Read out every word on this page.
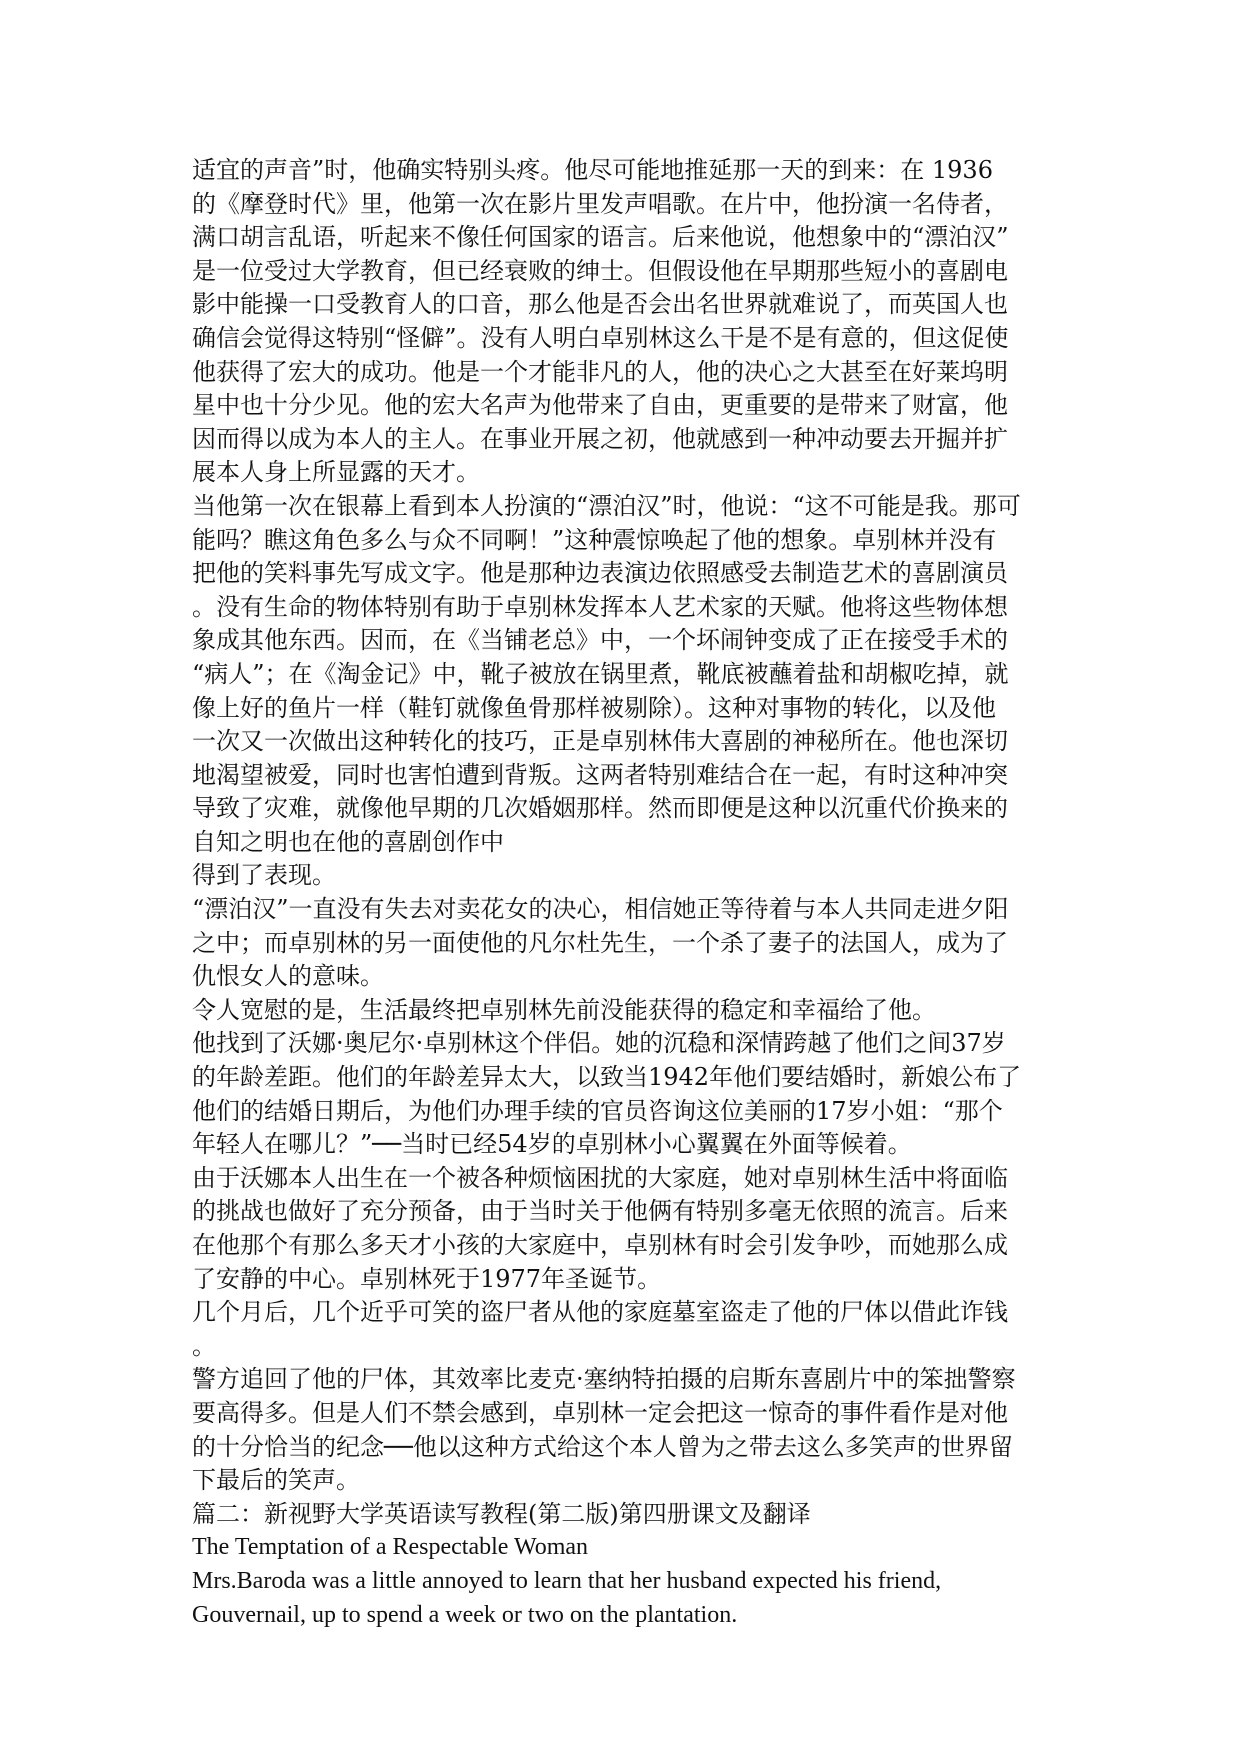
适宜的声音”时，他确实特别头疼。他尽可能地推延那一天的到来：在 1936
的《摩登时代》里，他第一次在影片里发声唱歌。在片中，他扮演一名侍者，
满口胡言乱语，听起来不像任何国家的语言。后来他说，他想象中的“漂泊汉”
是一位受过大学教育，但已经衰败的绅士。但假设他在早期那些短小的喜剧电
影中能操一口受教育人的口音，那么他是否会出名世界就难说了，而英国人也
确信会觉得这特别“怪僻”。没有人明白卓别林这么干是不是有意的，但这促使
他获得了宏大的成功。他是一个才能非凡的人，他的决心之大甚至在好莱坞明
星中也十分少见。他的宏大名声为他带来了自由，更重要的是带来了财富，他
因而得以成为本人的主人。在事业开展之初，他就感到一种冲动要去开掘并扩
展本人身上所显露的天才。
当他第一次在银幕上看到本人扮演的“漂泊汉”时，他说：“这不可能是我。那可
能吗？瞧这角色多么与众不同啊！”这种震惊唤起了他的想象。卓别林并没有
把他的笑料事先写成文字。他是那种边表演边依照感受去制造艺术的喜剧演员
。没有生命的物体特别有助于卓别林发挥本人艺术家的天赋。他将这些物体想
象成其他东西。因而，在《当铺老总》中，一个坏闹钟变成了正在接受手术的
“病人”；在《淘金记》中，靴子被放在锅里煮，靴底被蘸着盐和胡椒吃掉，就
像上好的鱼片一样（鞋钉就像鱼骨那样被剔除）。这种对事物的转化，以及他
一次又一次做出这种转化的技巧，正是卓别林伟大喜剧的神秘所在。他也深切
地渴望被爱，同时也害怕遭到背叛。这两者特别难结合在一起，有时这种冲突
导致了灾难，就像他早期的几次婚姻那样。然而即便是这种以沉重代价换来的
自知之明也在他的喜剧创作中
得到了表现。
“漂泊汉”一直没有失去对卖花女的决心，相信她正等待着与本人共同走进夕阳
之中；而卓别林的另一面使他的凡尔杜先生，一个杀了妻子的法国人，成为了
仇恨女人的意味。
令人宽慰的是，生活最终把卓别林先前没能获得的稳定和幸福给了他。
他找到了沃娜·奥尼尔·卓别林这个伴侣。她的沉稳和深情跨越了他们之间37岁
的年龄差距。他们的年龄差异太大，以致当1942年他们要结婚时，新娘公布了
他们的结婚日期后，为他们办理手续的官员咨询这位美丽的17岁小姐：“那个
年轻人在哪儿？”──当时已经54岁的卓别林小心翼翼在外面等候着。
由于沃娜本人出生在一个被各种烦恼困扰的大家庭，她对卓别林生活中将面临
的挑战也做好了充分预备，由于当时关于他俩有特别多毫无依照的流言。后来
在他那个有那么多天才小孩的大家庭中，卓别林有时会引发争吵，而她那么成
了安静的中心。卓别林死于1977年圣诞节。
几个月后，几个近乎可笑的盗尸者从他的家庭墓室盗走了他的尸体以借此诈钱
。
警方追回了他的尸体，其效率比麦克·塞纳特拍摄的启斯东喜剧片中的笨拙警察
要高得多。但是人们不禁会感到，卓别林一定会把这一惊奇的事件看作是对他
的十分恰当的纪念──他以这种方式给这个本人曾为之带去这么多笑声的世界留
下最后的笑声。
篇二：新视野大学英语读写教程(第二版)第四册课文及翻译
The Temptation of a Respectable Woman
Mrs.Baroda was a little annoyed to learn that her husband expected his friend,
Gouvernail, up to spend a week or two on the plantation.
